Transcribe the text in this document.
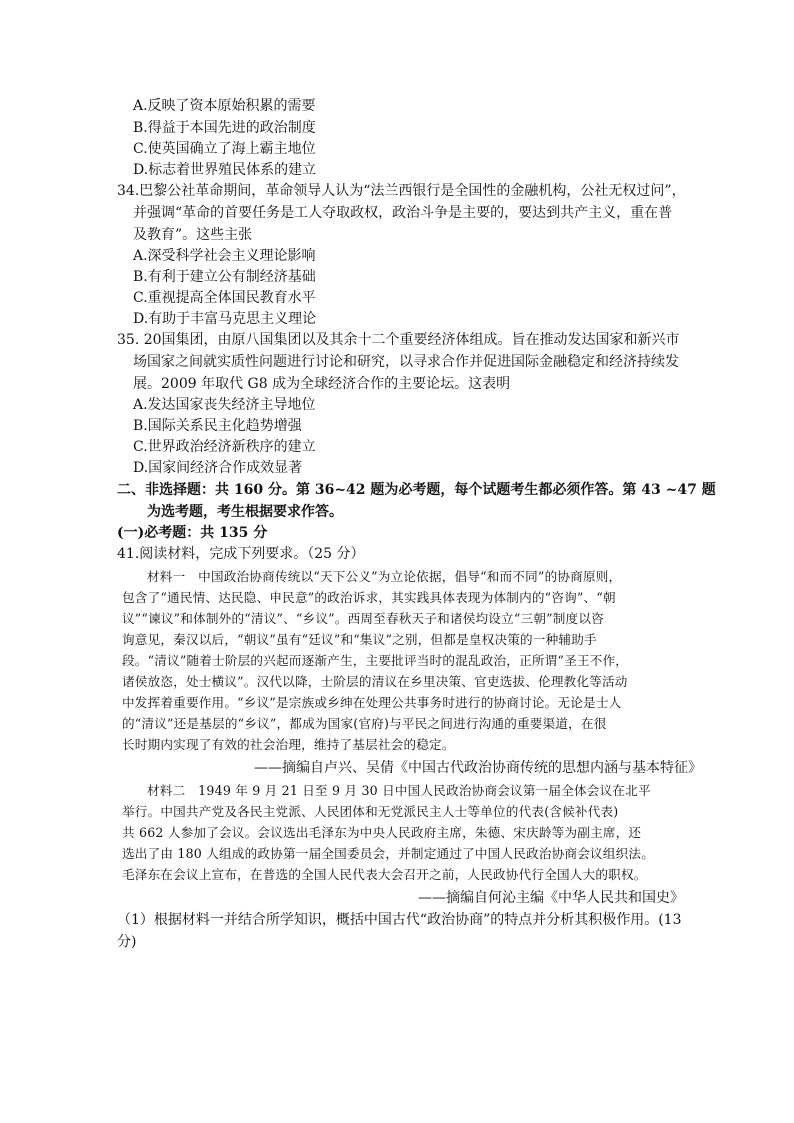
A.反映了资本原始积累的需要
B.得益于本国先进的政治制度
C.使英国确立了海上霸主地位
D.标志着世界殖民体系的建立
34.巴黎公社革命期间，革命领导人认为“法兰西银行是全国性的金融机构，公社无权过问”，
并强调“革命的首要任务是工人夺取政权，政治斗争是主要的，要达到共产主义，重在普
及教育”。这些主张
A.深受科学社会主义理论影响
B.有利于建立公有制经济基础
C.重视提高全体国民教育水平
D.有助于丰富马克思主义理论
35. 20国集团，由原八国集团以及其余十二个重要经济体组成。旨在推动发达国家和新兴市
场国家之间就实质性问题进行讨论和研究，以寻求合作并促进国际金融稳定和经济持续发
展。2009 年取代 G8 成为全球经济合作的主要论坛。这表明
A.发达国家丧失经济主导地位
B.国际关系民主化趋势增强
C.世界政治经济新秩序的建立
D.国家间经济合作成效显著
二、非选择题：共 160 分。第 36~42 题为必考题，每个试题考生都必须作答。第 43 ~47 题
为选考题，考生根据要求作答。
(一)必考题：共 135 分
41.阅读材料，完成下列要求。（25 分）
材料一　中国政治协商传统以“天下公义”为立论依据，倡导“和而不同”的协商原则，
包含了“通民情、达民隐、申民意”的政治诉求，其实践具体表现为体制内的“咨询”、“朝
议”“谏议”和体制外的“清议”、“乡议”。西周至春秋天子和诸侯均设立“三朝”制度以咨
询意见，秦汉以后，“朝议”虽有“廷议”和“集议”之别，但都是皇权决策的一种辅助手
段。“清议”随着士阶层的兴起而逐渐产生，主要批评当时的混乱政治，正所谓“圣王不作，
诸侯放恣，处士横议”。汉代以降，士阶层的清议在乡里决策、官吏选拔、伦理教化等活动
中发挥着重要作用。“乡议”是宗族或乡绅在处理公共事务时进行的协商讨论。无论是士人
的“清议”还是基层的“乡议”，都成为国家(官府)与平民之间进行沟通的重要渠道，在很
长时期内实现了有效的社会治理，维持了基层社会的稳定。
——摘编自卢兴、吴倩《中国古代政治协商传统的思想内涵与基本特征》
材料二　1949 年 9 月 21 日至 9 月 30 日中国人民政治协商会议第一届全体会议在北平
举行。中国共产党及各民主党派、人民团体和无党派民主人士等单位的代表(含候补代表)
共 662 人参加了会议。会议选出毛泽东为中央人民政府主席，朱德、宋庆龄等为副主席，还
选出了由 180 人组成的政协第一届全国委员会，并制定通过了中国人民政治协商会议组织法。
毛泽东在会议上宣布，在普选的全国人民代表大会召开之前，人民政协代行全国人大的职权。
——摘编自何沁主编《中华人民共和国史》
（1）根据材料一并结合所学知识，概括中国古代“政治协商”的特点并分析其积极作用。(13
分)
